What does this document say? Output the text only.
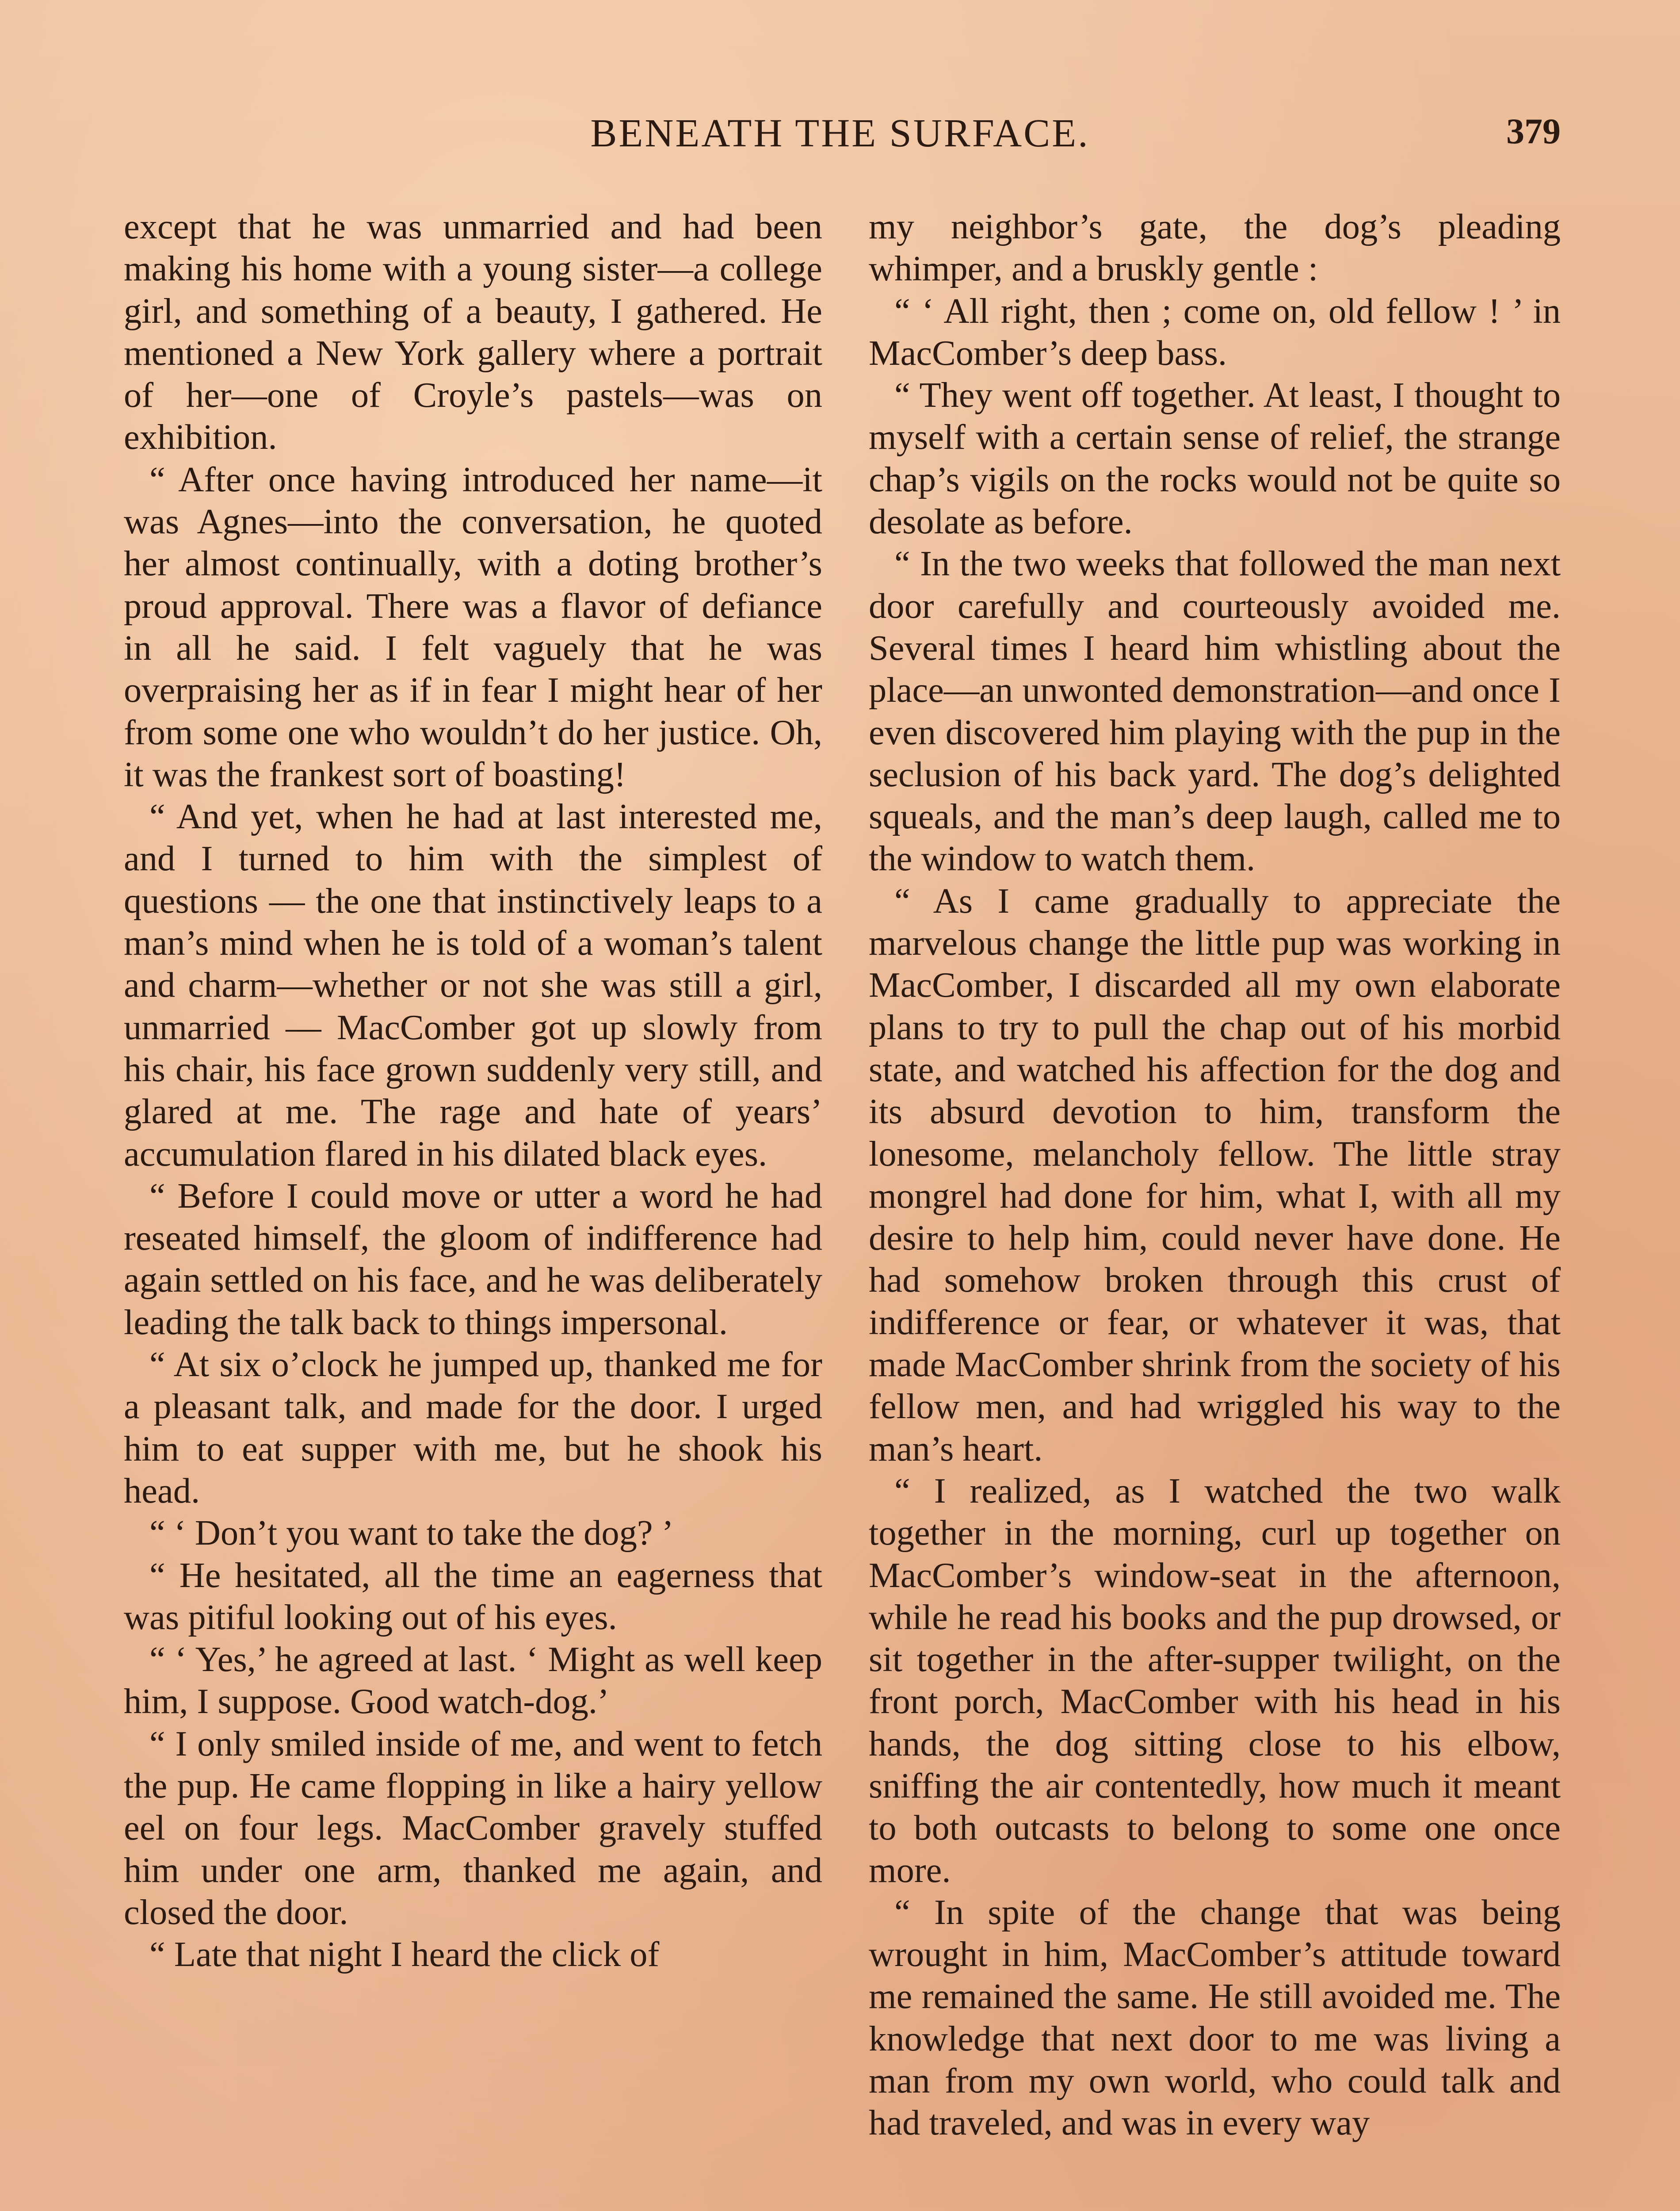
BENEATH THE SURFACE.	379

except that he was unmarried and had been making his home with a young sister—a college girl, and something of a beauty, I gathered. He mentioned a New York gallery where a portrait of her—one of Croyle’s pastels—was on exhibition.

“ After once having introduced her name—it was Agnes—into the conversation, he quoted her almost continually, with a doting brother’s proud approval. There was a flavor of defiance in all he said. I felt vaguely that he was overpraising her as if in fear I might hear of her from some one who wouldn’t do her justice. Oh, it was the frankest sort of boasting!

“ And yet, when he had at last interested me, and I turned to him with the simplest of questions — the one that instinctively leaps to a man’s mind when he is told of a woman’s talent and charm—whether or not she was still a girl, unmarried — MacComber got up slowly from his chair, his face grown suddenly very still, and glared at me. The rage and hate of years’ accumulation flared in his dilated black eyes.

“ Before I could move or utter a word he had reseated himself, the gloom of indifference had again settled on his face, and he was deliberately leading the talk back to things impersonal.

“ At six o’clock he jumped up, thanked me for a pleasant talk, and made for the door. I urged him to eat supper with me, but he shook his head.

“ ‘ Don’t you want to take the dog? ’

“ He hesitated, all the time an eagerness that was pitiful looking out of his eyes.

“ ‘ Yes,’ he agreed at last. ‘ Might as well keep him, I suppose. Good watch-dog.’

“ I only smiled inside of me, and went to fetch the pup. He came flopping in like a hairy yellow eel on four legs. MacComber gravely stuffed him under one arm, thanked me again, and closed the door.

“ Late that night I heard the click of

my neighbor’s gate, the dog’s pleading whimper, and a bruskly gentle :

“ ‘ All right, then ; come on, old fellow ! ’ in MacComber’s deep bass.

“ They went off together. At least, I thought to myself with a certain sense of relief, the strange chap’s vigils on the rocks would not be quite so desolate as before.

“ In the two weeks that followed the man next door carefully and courteously avoided me. Several times I heard him whistling about the place—an unwonted demonstration—and once I even discovered him playing with the pup in the seclusion of his back yard. The dog’s delighted squeals, and the man’s deep laugh, called me to the window to watch them.

“ As I came gradually to appreciate the marvelous change the little pup was working in MacComber, I discarded all my own elaborate plans to try to pull the chap out of his morbid state, and watched his affection for the dog and its absurd devotion to him, transform the lonesome, melancholy fellow. The little stray mongrel had done for him, what I, with all my desire to help him, could never have done. He had somehow broken through this crust of indifference or fear, or whatever it was, that made MacComber shrink from the society of his fellow men, and had wriggled his way to the man’s heart.

“ I realized, as I watched the two walk together in the morning, curl up together on MacComber’s window-seat in the afternoon, while he read his books and the pup drowsed, or sit together in the after-supper twilight, on the front porch, MacComber with his head in his hands, the dog sitting close to his elbow, sniffing the air contentedly, how much it meant to both outcasts to belong to some one once more.

“ In spite of the change that was being wrought in him, MacComber’s attitude toward me remained the same. He still avoided me. The knowledge that next door to me was living a man from my own world, who could talk and had traveled, and was in every way
